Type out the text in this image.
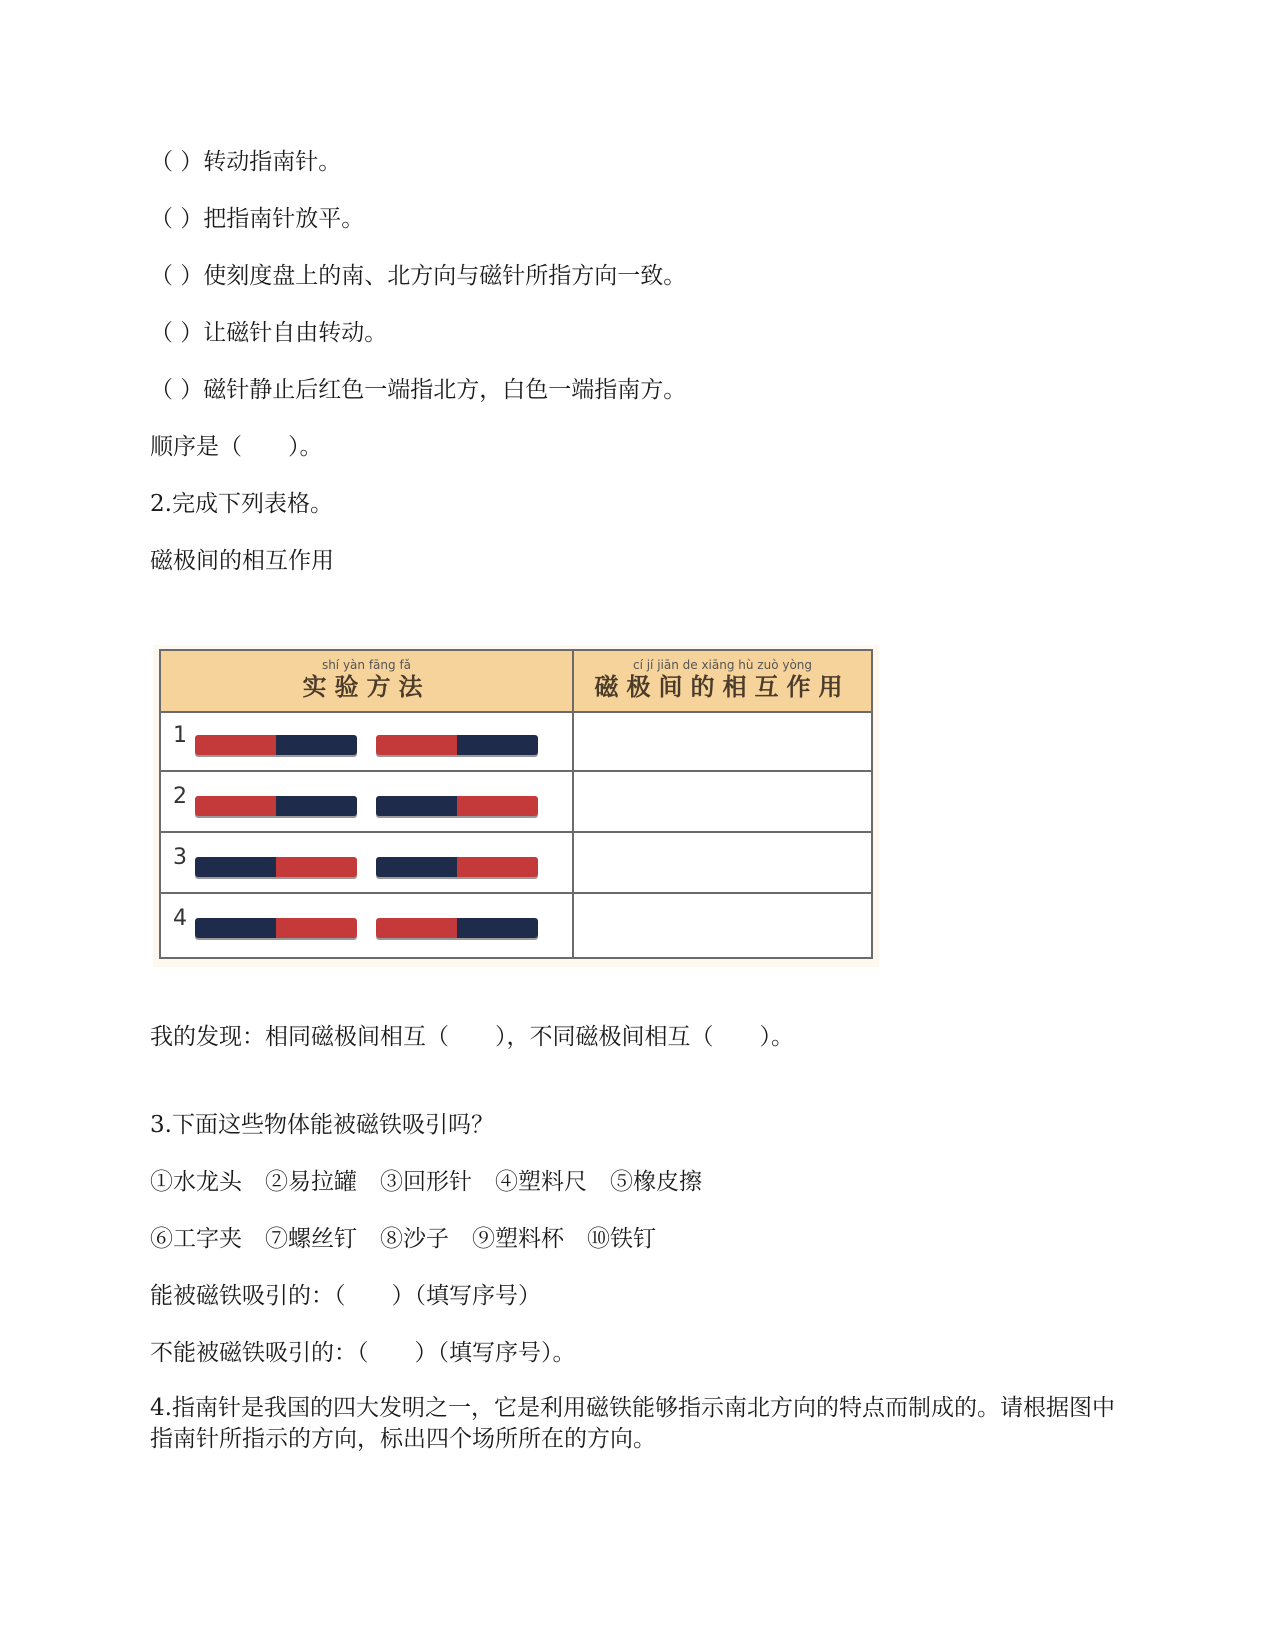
（ ）转动指南针。
（ ）把指南针放平。
（ ）使刻度盘上的南、北方向与磁针所指方向一致。
（ ）让磁针自由转动。
（ ）磁针静止后红色一端指北方，白色一端指南方。
顺序是（　　）。
2.完成下列表格。
磁极间的相互作用
shí yàn fāng fǎ
实验方法
cí jí jiān de xiāng hù zuò yòng
磁极间的相互作用
1
2
3
4
我的发现：相同磁极间相互（　　），不同磁极间相互（　　）。
3.下面这些物体能被磁铁吸引吗？
①水龙头　②易拉罐　③回形针　④塑料尺　⑤橡皮擦
⑥工字夹　⑦螺丝钉　⑧沙子　⑨塑料杯　⑩铁钉
能被磁铁吸引的：（　　）（填写序号）
不能被磁铁吸引的：（　　）（填写序号）。
4.指南针是我国的四大发明之一，它是利用磁铁能够指示南北方向的特点而制成的。请根据图中指南针所指示的方向，标出四个场所所在的方向。
